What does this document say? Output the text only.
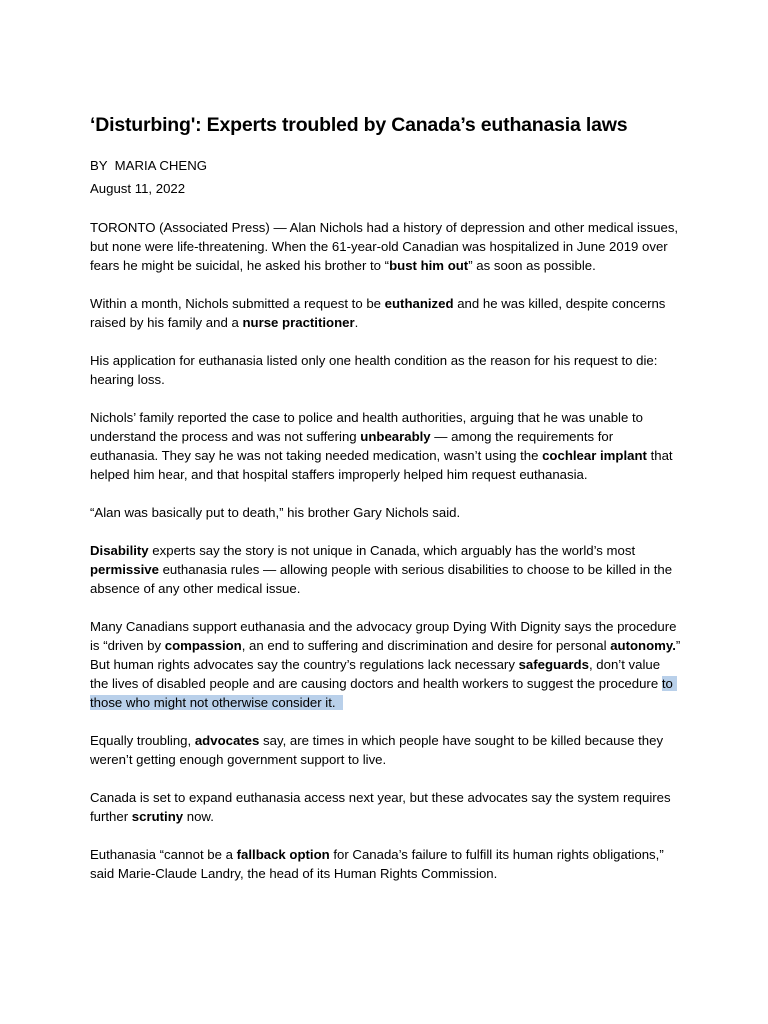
‘Disturbing': Experts troubled by Canada’s euthanasia laws
BY  MARIA CHENG
August 11, 2022

TORONTO (Associated Press) — Alan Nichols had a history of depression and other medical issues, but none were life-threatening. When the 61-year-old Canadian was hospitalized in June 2019 over fears he might be suicidal, he asked his brother to “bust him out” as soon as possible.

Within a month, Nichols submitted a request to be euthanized and he was killed, despite concerns raised by his family and a nurse practitioner.

His application for euthanasia listed only one health condition as the reason for his request to die: hearing loss.

Nichols’ family reported the case to police and health authorities, arguing that he was unable to understand the process and was not suffering unbearably — among the requirements for euthanasia. They say he was not taking needed medication, wasn’t using the cochlear implant that helped him hear, and that hospital staffers improperly helped him request euthanasia.

“Alan was basically put to death,” his brother Gary Nichols said.

Disability experts say the story is not unique in Canada, which arguably has the world’s most permissive euthanasia rules — allowing people with serious disabilities to choose to be killed in the absence of any other medical issue.

Many Canadians support euthanasia and the advocacy group Dying With Dignity says the procedure is “driven by compassion, an end to suffering and discrimination and desire for personal autonomy.” But human rights advocates say the country’s regulations lack necessary safeguards, don’t value the lives of disabled people and are causing doctors and health workers to suggest the procedure to those who might not otherwise consider it.

Equally troubling, advocates say, are times in which people have sought to be killed because they weren’t getting enough government support to live.

Canada is set to expand euthanasia access next year, but these advocates say the system requires further scrutiny now.

Euthanasia “cannot be a fallback option for Canada’s failure to fulfill its human rights obligations,” said Marie-Claude Landry, the head of its Human Rights Commission.
